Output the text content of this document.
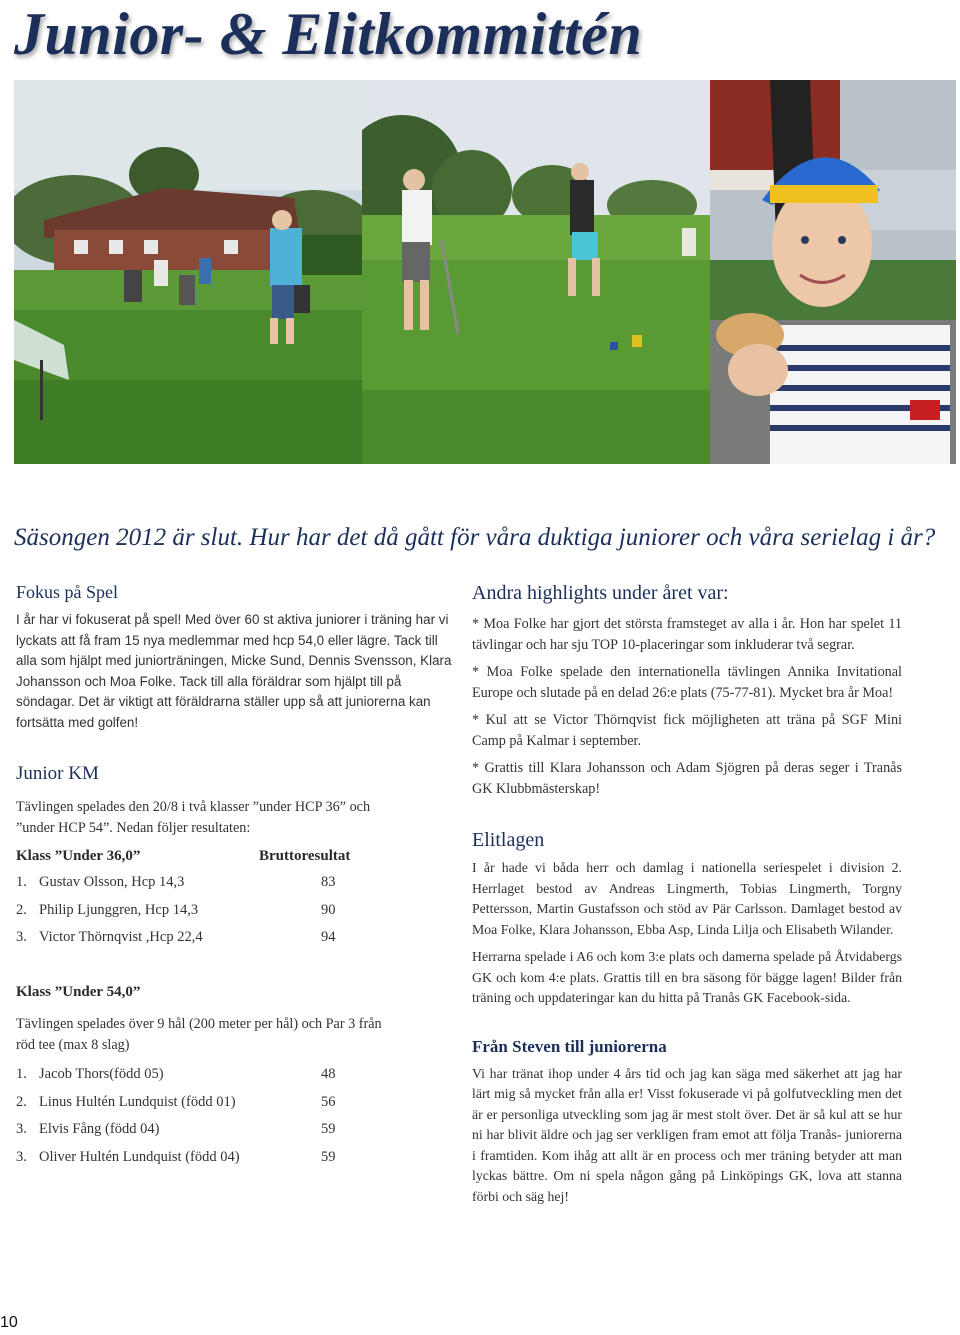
Junior- & Elitkommittén

Säsongen 2012 är slut. Hur har det då gått för våra duktiga juniorer och våra serielag i år?

Fokus på Spel

I år har vi fokuserat på spel! Med över 60 st aktiva juniorer i träning har vi lyckats att få fram 15 nya medlemmar med hcp 54,0 eller lägre. Tack till alla som hjälpt med juniorträningen, Micke Sund, Dennis Svensson, Klara Johansson och Moa Folke. Tack till alla föräldrar som hjälpt till på söndagar. Det är viktigt att föräldrarna ställer upp så att juniorerna kan fortsätta med golfen!

Junior KM

Tävlingen spelades den 20/8 i två klasser ”under HCP 36” och ”under HCP 54”. Nedan följer resultaten:

Klass ”Under 36,0”	Bruttoresultat
1. Gustav Olsson, Hcp 14,3	83
2. Philip Ljunggren, Hcp 14,3	90
3. Victor Thörnqvist ,Hcp 22,4	94

Klass ”Under 54,0”

Tävlingen spelades över 9 hål (200 meter per hål) och Par 3 från röd tee (max 8 slag)

1. Jacob Thors(född 05)	48
2. Linus Hultén Lundquist (född 01)	56
3. Elvis Fång (född 04)	59
3. Oliver Hultén Lundquist (född 04)	59
Andra highlights under året var:

* Moa Folke har gjort det största framsteget av alla i år. Hon har spelet 11 tävlingar och har sju TOP 10-placeringar som inkluderar två segrar.

* Moa Folke spelade den internationella tävlingen Annika Invitational Europe och slutade på en delad 26:e plats (75-77-81). Mycket bra år Moa!

* Kul att se Victor Thörnqvist fick möjligheten att träna på SGF Mini Camp på Kalmar i september.

* Grattis till Klara Johansson och Adam Sjögren på deras seger i Tranås GK Klubbmästerskap!

Elitlagen

I år hade vi båda herr och damlag i nationella seriespelet i division 2. Herrlaget bestod av Andreas Lingmerth, Tobias Lingmerth, Torgny Pettersson, Martin Gustafsson och stöd av Pär Carlsson. Damlaget bestod av Moa Folke, Klara Johansson, Ebba Asp, Linda Lilja och Elisabeth Wilander.

Herrarna spelade i A6 och kom 3:e plats och damerna spelade på Åtvidabergs GK och kom 4:e plats. Grattis till en bra säsong för bägge lagen! Bilder från träning och uppdateringar kan du hitta på Tranås GK Facebook-sida.

Från Steven till juniorerna

Vi har tränat ihop under 4 års tid och jag kan säga med säkerhet att jag har lärt mig så mycket från alla er! Visst fokuserade vi på golfutveckling men det är er personliga utveckling som jag är mest stolt över. Det är så kul att se hur ni har blivit äldre och jag ser verkligen fram emot att följa Tranås- juniorerna i framtiden. Kom ihåg att allt är en process och mer träning betyder att man lyckas bättre. Om ni spela någon gång på Linköpings GK, lova att stanna förbi och säg hej!

10
